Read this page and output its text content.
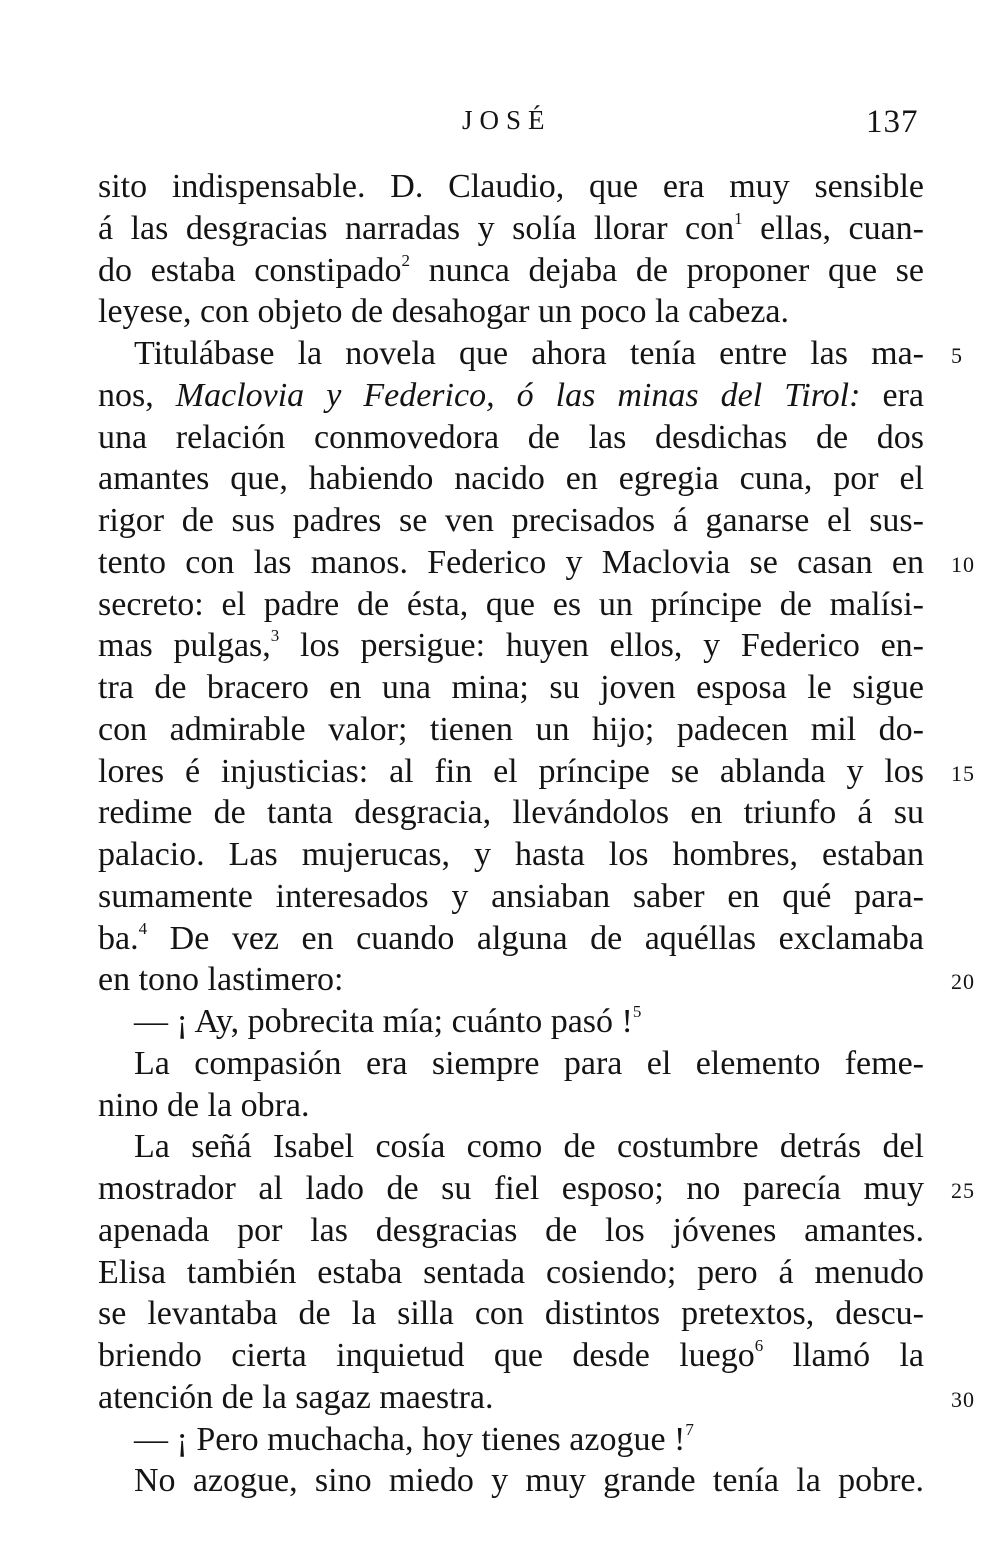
JOSÉ	137
sito indispensable. D. Claudio, que era muy sensible
á las desgracias narradas y solía llorar con$^1$ ellas, cuan-
do estaba constipado$^2$ nunca dejaba de proponer que se
leyese, con objeto de desahogar un poco la cabeza.
Titulábase la novela que ahora tenía entre las ma- 5
nos, Maclovia y Federico, ó las minas del Tirol: era
una relación conmovedora de las desdichas de dos
amantes que, habiendo nacido en egregia cuna, por el
rigor de sus padres se ven precisados á ganarse el sus-
tento con las manos. Federico y Maclovia se casan en 10
secreto: el padre de ésta, que es un príncipe de malísi-
mas pulgas,$^3$ los persigue: huyen ellos, y Federico en-
tra de bracero en una mina; su joven esposa le sigue
con admirable valor; tienen un hijo; padecen mil do-
lores é injusticias: al fin el príncipe se ablanda y los 15
redime de tanta desgracia, llevándolos en triunfo á su
palacio. Las mujerucas, y hasta los hombres, estaban
sumamente interesados y ansiaban saber en qué para-
ba.$^4$ De vez en cuando alguna de aquéllas exclamaba
en tono lastimero:	20
— ¡ Ay, pobrecita mía; cuánto pasó !$^5$
La compasión era siempre para el elemento feme-
nino de la obra.
La señá Isabel cosía como de costumbre detrás del
mostrador al lado de su fiel esposo; no parecía muy 25
apenada por las desgracias de los jóvenes amantes.
Elisa también estaba sentada cosiendo; pero á menudo
se levantaba de la silla con distintos pretextos, descu-
briendo cierta inquietud que desde luego$^6$ llamó la
atención de la sagaz maestra.	30
— ¡ Pero muchacha, hoy tienes azogue !$^7$
No azogue, sino miedo y muy grande tenía la pobre.
